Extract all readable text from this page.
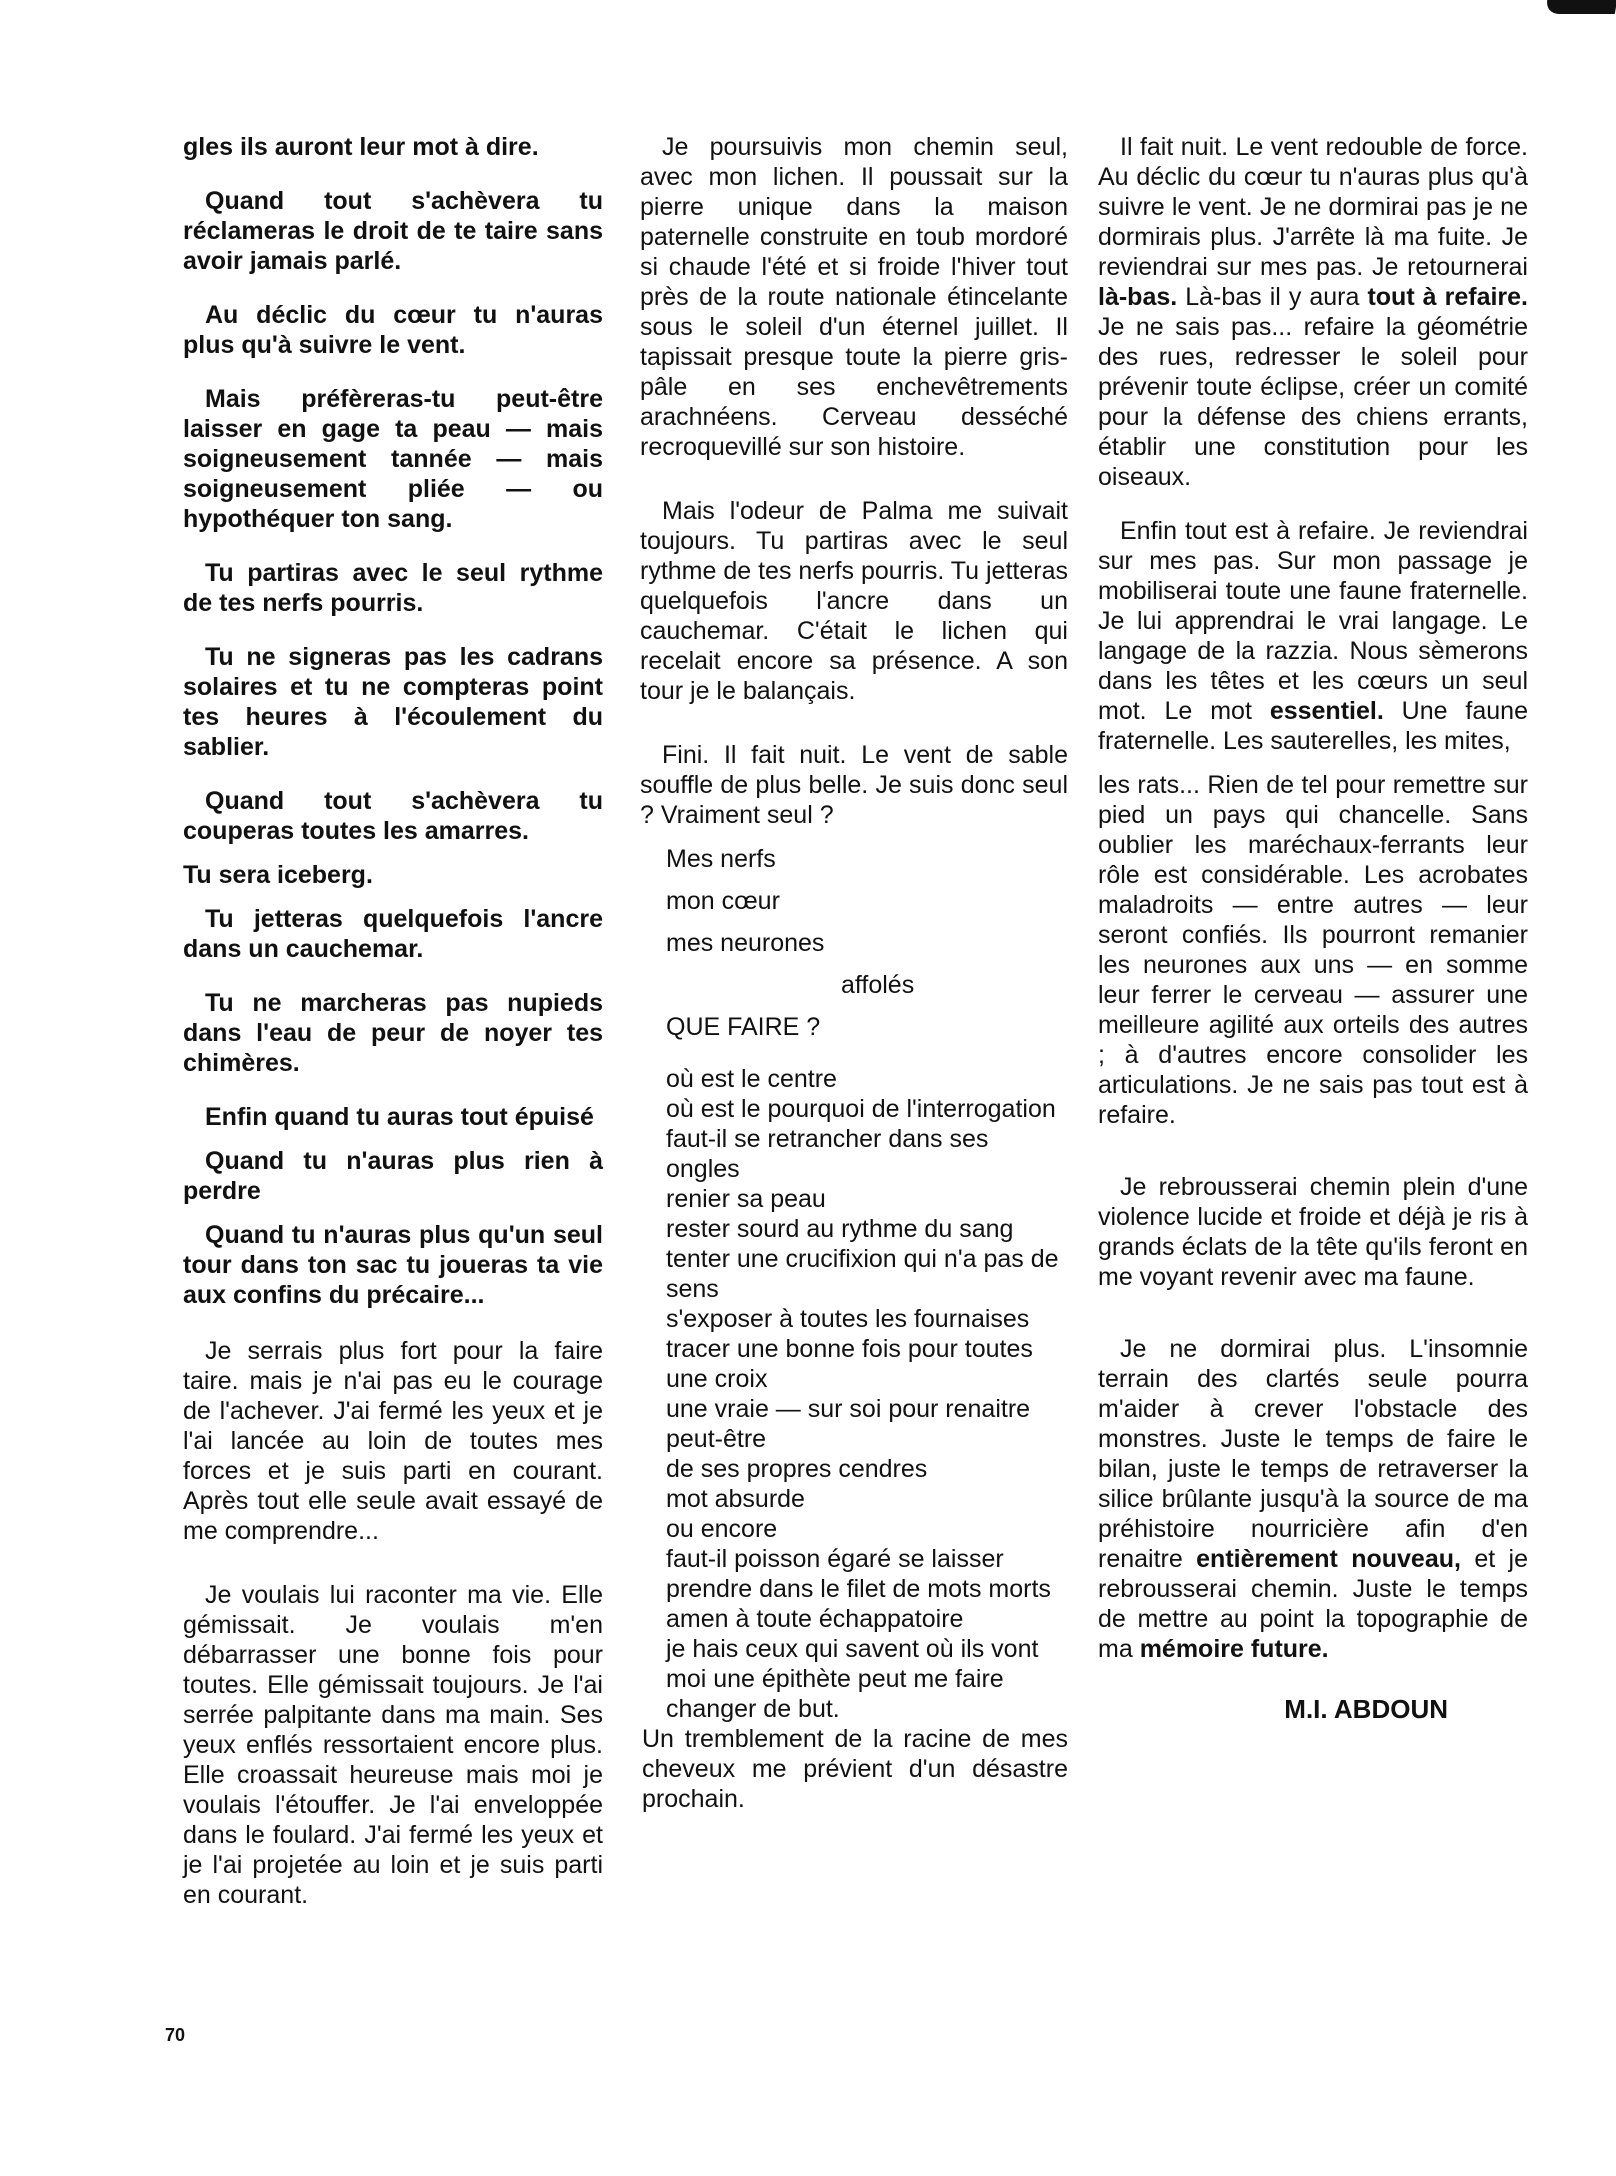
gles ils auront leur mot à dire.

Quand tout s'achèvera tu réclameras le droit de te taire sans avoir jamais parlé.

Au déclic du cœur tu n'auras plus qu'à suivre le vent.

Mais préfèreras-tu peut-être laisser en gage ta peau — mais soigneusement tannée — mais soigneusement pliée — ou hypothéquer ton sang.

Tu partiras avec le seul rythme de tes nerfs pourris.

Tu ne signeras pas les cadrans solaires et tu ne compteras point tes heures à l'écoulement du sablier.

Quand tout s'achèvera tu couperas toutes les amarres.

Tu sera iceberg.

Tu jetteras quelquefois l'ancre dans un cauchemar.

Tu ne marcheras pas nupieds dans l'eau de peur de noyer tes chimères.

Enfin quand tu auras tout épuisé

Quand tu n'auras plus rien à perdre

Quand tu n'auras plus qu'un seul tour dans ton sac tu joueras ta vie aux confins du précaire...

Je serrais plus fort pour la faire taire. mais je n'ai pas eu le courage de l'achever. J'ai fermé les yeux et je l'ai lancée au loin de toutes mes forces et je suis parti en courant. Après tout elle seule avait essayé de me comprendre...

Je voulais lui raconter ma vie. Elle gémissait. Je voulais m'en débarrasser une bonne fois pour toutes. Elle gémissait toujours. Je l'ai serrée palpitante dans ma main. Ses yeux enflés ressortaient encore plus. Elle croassait heureuse mais moi je voulais l'étouffer. Je l'ai enveloppée dans le foulard. J'ai fermé les yeux et je l'ai projetée au loin et je suis parti en courant.

Je poursuivis mon chemin seul, avec mon lichen. Il poussait sur la pierre unique dans la maison paternelle construite en toub mordoré si chaude l'été et si froide l'hiver tout près de la route nationale étincelante sous le soleil d'un éternel juillet. Il tapissait presque toute la pierre gris-pâle en ses enchevêtrements arachnéens. Cerveau desséché recroquevillé sur son histoire.

Mais l'odeur de Palma me suivait toujours. Tu partiras avec le seul rythme de tes nerfs pourris. Tu jetteras quelquefois l'ancre dans un cauchemar. C'était le lichen qui recelait encore sa présence. A son tour je le balançais.

Fini. Il fait nuit. Le vent de sable souffle de plus belle. Je suis donc seul ? Vraiment seul ?

Mes nerfs

mon cœur

mes neurones

affolés

QUE FAIRE ?

où est le centre

où est le pourquoi de l'interrogation

faut-il se retrancher dans ses ongles

renier sa peau

rester sourd au rythme du sang

tenter une crucifixion qui n'a pas de sens

s'exposer à toutes les fournaises

tracer une bonne fois pour toutes une croix

une vraie — sur soi pour renaitre peut-être

de ses propres cendres

mot absurde

ou encore

faut-il poisson égaré se laisser prendre dans le filet de mots morts

amen à toute échappatoire

je hais ceux qui savent où ils vont

moi une épithète peut me faire changer de but.

Un tremblement de la racine de mes cheveux me prévient d'un désastre prochain.

Il fait nuit. Le vent redouble de force. Au déclic du cœur tu n'auras plus qu'à suivre le vent. Je ne dormirai pas je ne dormirais plus. J'arrête là ma fuite. Je reviendrai sur mes pas. Je retournerai là-bas. Là-bas il y aura tout à refaire. Je ne sais pas... refaire la géométrie des rues, redresser le soleil pour prévenir toute éclipse, créer un comité pour la défense des chiens errants, établir une constitution pour les oiseaux.

Enfin tout est à refaire. Je reviendrai sur mes pas. Sur mon passage je mobiliserai toute une faune fraternelle. Je lui apprendrai le vrai langage. Le langage de la razzia. Nous sèmerons dans les têtes et les cœurs un seul mot. Le mot essentiel. Une faune fraternelle. Les sauterelles, les mites,

les rats... Rien de tel pour remettre sur pied un pays qui chancelle. Sans oublier les maréchaux-ferrants leur rôle est considérable. Les acrobates maladroits — entre autres — leur seront confiés. Ils pourront remanier les neurones aux uns — en somme leur ferrer le cerveau — assurer une meilleure agilité aux orteils des autres ; à d'autres encore consolider les articulations. Je ne sais pas tout est à refaire.

Je rebrousserai chemin plein d'une violence lucide et froide et déjà je ris à grands éclats de la tête qu'ils feront en me voyant revenir avec ma faune.

Je ne dormirai plus. L'insomnie terrain des clartés seule pourra m'aider à crever l'obstacle des monstres. Juste le temps de faire le bilan, juste le temps de retraverser la silice brûlante jusqu'à la source de ma préhistoire nourricière afin d'en renaitre entièrement nouveau, et je rebrousserai chemin. Juste le temps de mettre au point la topographie de ma mémoire future.

M.I. ABDOUN
70
